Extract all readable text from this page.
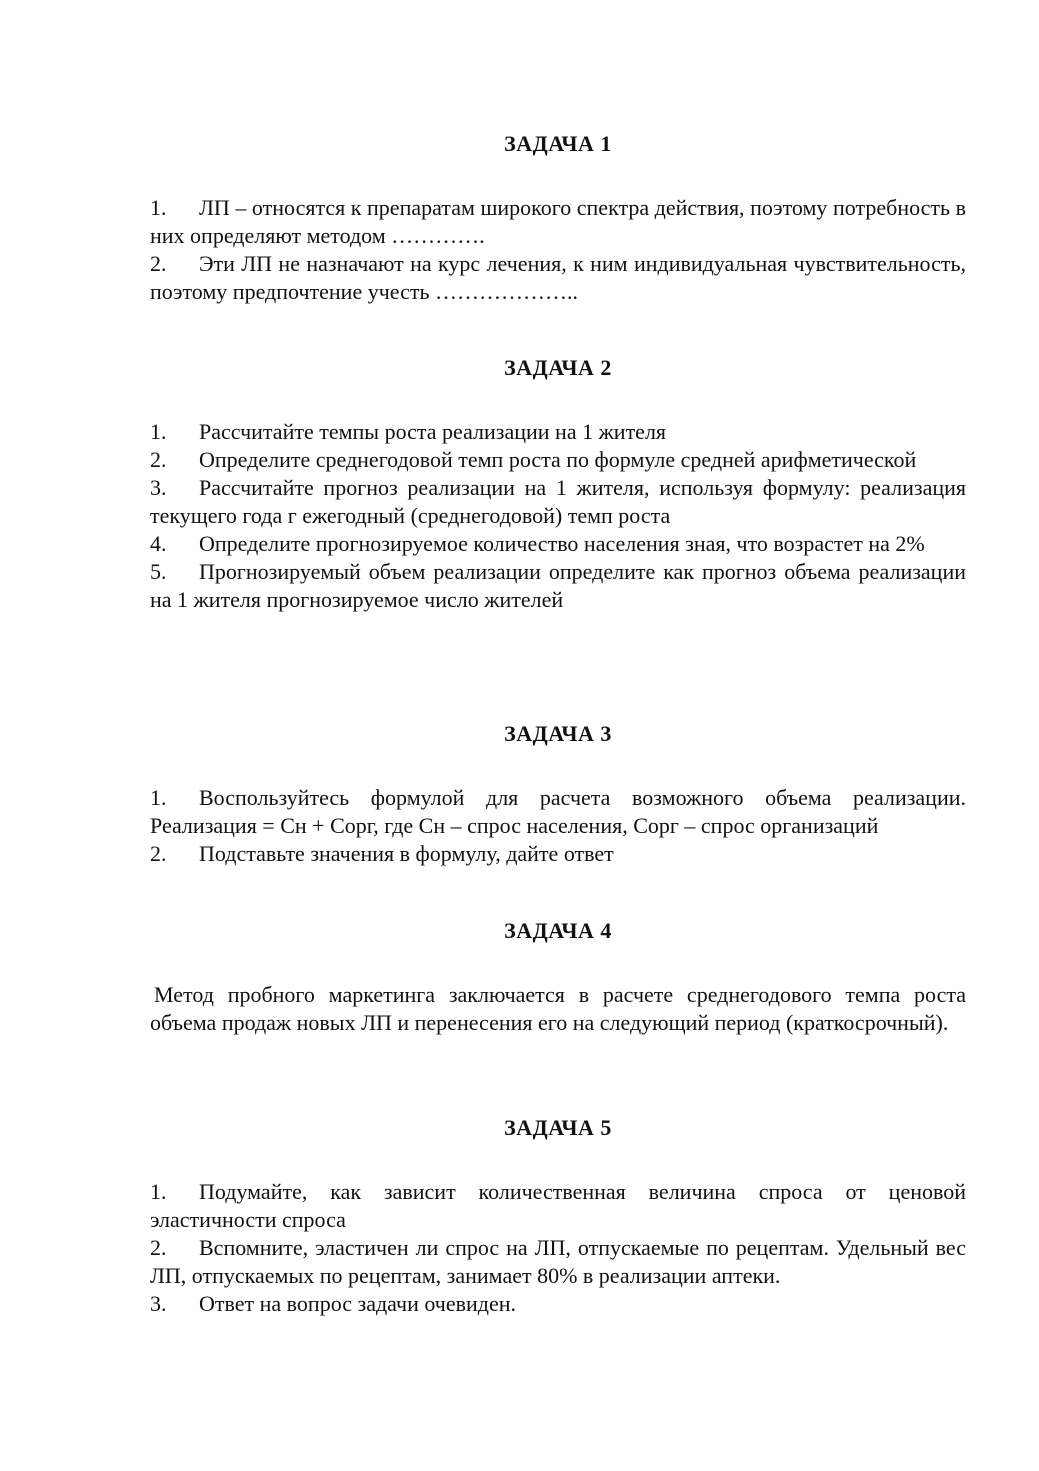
ЗАДАЧА 1

1. ЛП – относятся к препаратам широкого спектра действия, поэтому потребность в них определяют методом ………….

2. Эти ЛП не назначают на курс лечения, к ним индивидуальная чувствительность, поэтому предпочтение учесть ………………..

ЗАДАЧА 2

1. Рассчитайте темпы роста реализации на 1 жителя

2. Определите среднегодовой темп роста по формуле средней арифметической

3. Рассчитайте прогноз реализации на 1 жителя, используя формулу: реализация текущего года г ежегодный (среднегодовой) темп роста

4. Определите прогнозируемое количество населения зная, что возрастет на 2%

5. Прогнозируемый объем реализации определите как прогноз объема реализации на 1 жителя прогнозируемое число жителей

ЗАДАЧА 3

1. Воспользуйтесь формулой для расчета возможного объема реализации. Реализация = Сн + Сорг, где Сн – спрос населения, Сорг – спрос организаций

2. Подставьте значения в формулу, дайте ответ

ЗАДАЧА 4

Метод пробного маркетинга заключается в расчете среднегодового темпа роста объема продаж новых ЛП и перенесения его на следующий период (краткосрочный).

ЗАДАЧА 5

1. Подумайте, как зависит количественная величина спроса от ценовой эластичности спроса

2. Вспомните, эластичен ли спрос на ЛП, отпускаемые по рецептам. Удельный вес ЛП, отпускаемых по рецептам, занимает 80% в реализации аптеки.

3. Ответ на вопрос задачи очевиден.
